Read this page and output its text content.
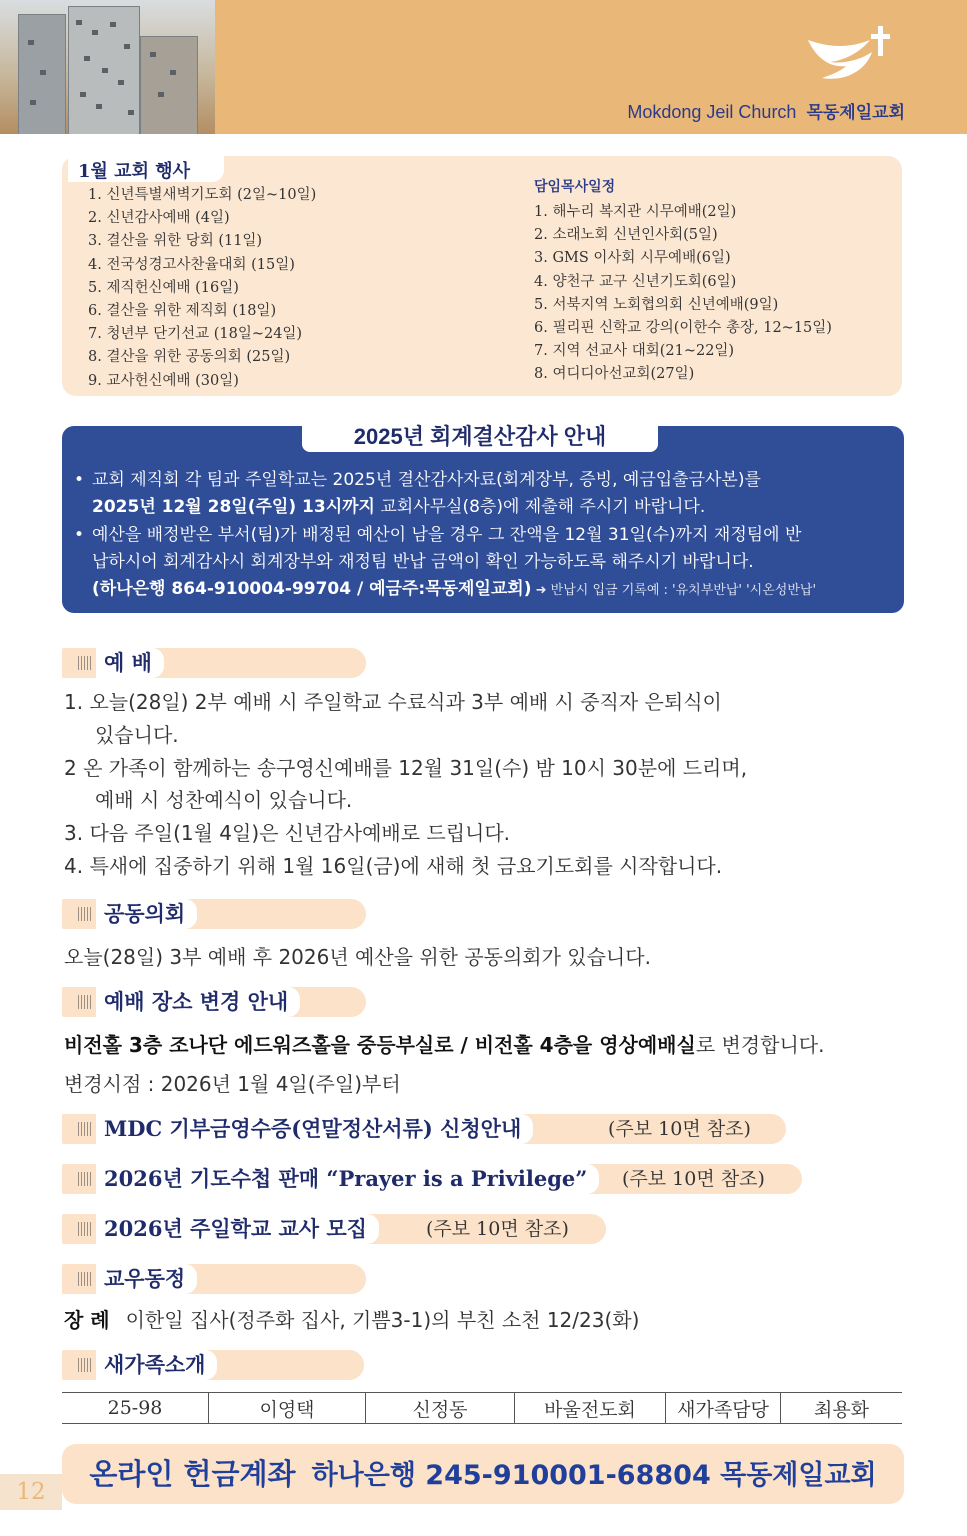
Mokdong Jeil Church 목동제일교회
1월 교회 행사
1. 신년특별새벽기도회 (2일~10일)
2. 신년감사예배 (4일)
3. 결산을 위한 당회 (11일)
4. 전국성경고사찬율대회 (15일)
5. 제직헌신예배 (16일)
6. 결산을 위한 제직회 (18일)
7. 청년부 단기선교 (18일~24일)
8. 결산을 위한 공동의회 (25일)
9. 교사헌신예배 (30일)
담임목사일정
1. 해누리 복지관 시무예배(2일)
2. 소래노회 신년인사회(5일)
3. GMS 이사회 시무예배(6일)
4. 양천구 교구 신년기도회(6일)
5. 서북지역 노회협의회 신년예배(9일)
6. 필리핀 신학교 강의(이한수 총장, 12~15일)
7. 지역 선교사 대회(21~22일)
8. 여디디아선교회(27일)
2025년 회계결산감사 안내
• 교회 제직회 각 팀과 주일학교는 2025년 결산감사자료(회계장부, 증빙, 예금입출금사본)를
2025년 12월 28일(주일) 13시까지 교회사무실(8층)에 제출해 주시기 바랍니다.
• 예산을 배정받은 부서(팀)가 배정된 예산이 남을 경우 그 잔액을 12월 31일(수)까지 재정팀에 반
납하시어 회계감사시 회계장부와 재정팀 반납 금액이 확인 가능하도록 해주시기 바랍니다.
(하나은행 864-910004-99704 / 예금주:목동제일교회) ➜ 반납시 입금 기록예 : '유치부반납' '시온성반납'
예 배
1. 오늘(28일) 2부 예배 시 주일학교 수료식과 3부 예배 시 중직자 은퇴식이
있습니다.
2 온 가족이 함께하는 송구영신예배를 12월 31일(수) 밤 10시 30분에 드리며,
예배 시 성찬예식이 있습니다.
3. 다음 주일(1월 4일)은 신년감사예배로 드립니다.
4. 특새에 집중하기 위해 1월 16일(금)에 새해 첫 금요기도회를 시작합니다.
공동의회
오늘(28일) 3부 예배 후 2026년 예산을 위한 공동의회가 있습니다.
예배 장소 변경 안내
비전홀 3층 조나단 에드워즈홀을 중등부실로 / 비전홀 4층을 영상예배실로 변경합니다.
변경시점 : 2026년 1월 4일(주일)부터
MDC 기부금영수증(연말정산서류) 신청안내	(주보 10면 참조)
2026년 기도수첩 판매 “Prayer is a Privilege”	(주보 10면 참조)
2026년 주일학교 교사 모집	(주보 10면 참조)
교우동정
장 례 이한일 집사(정주화 집사, 기쁨3-1)의 부친 소천 12/23(화)
새가족소개
25-98	이영택	신정동	바울전도회	새가족담당	최용화
온라인 헌금계좌 하나은행 245-910001-68804 목동제일교회
12
